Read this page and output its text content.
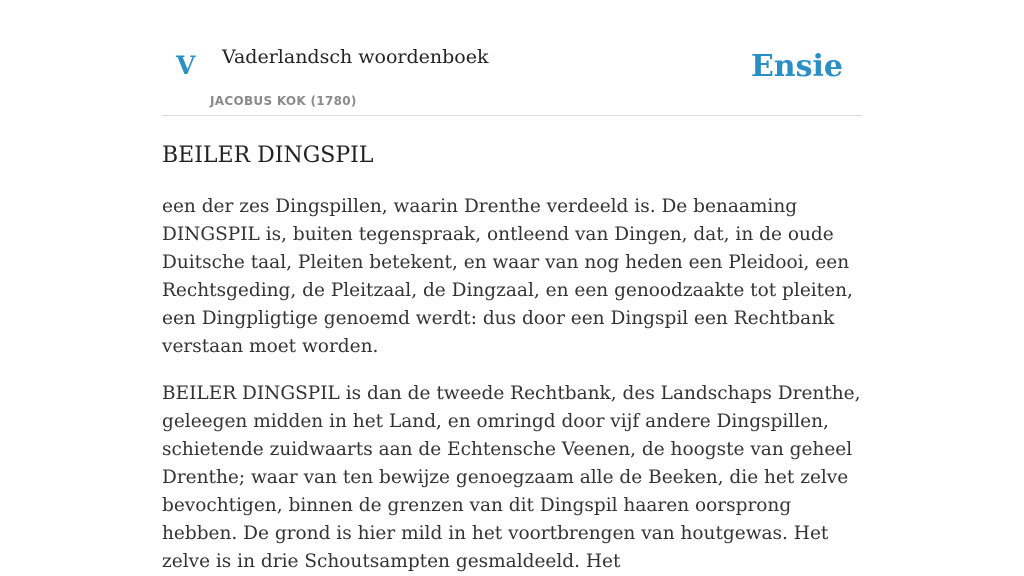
V Vaderlandsch woordenboek
JACOBUS KOK (1780)
Ensie
BEILER DINGSPIL

een der zes Dingspillen, waarin Drenthe verdeeld is. De benaaming DINGSPIL is, buiten tegenspraak, ontleend van Dingen, dat, in de oude Duitsche taal, Pleiten betekent, en waar van nog heden een Pleidooi, een Rechtsgeding, de Pleitzaal, de Dingzaal, en een genoodzaakte tot pleiten, een Dingpligtige genoemd werdt: dus door een Dingspil een Rechtbank verstaan moet worden.

BEILER DINGSPIL is dan de tweede Rechtbank, des Landschaps Drenthe, geleegen midden in het Land, en omringd door vijf andere Dingspillen, schietende zuidwaarts aan de Echtensche Veenen, de hoogste van geheel Drenthe; waar van ten bewijze genoegzaam alle de Beeken, die het zelve bevochtigen, binnen de grenzen van dit Dingspil haaren oorsprong hebben. De grond is hier mild in het voortbrengen van houtgewas. Het zelve is in drie Schoutsampten gesmaldeeld. Het
